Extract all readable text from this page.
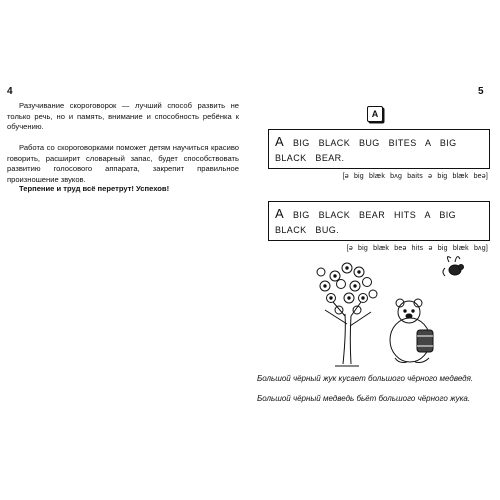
4

Разучивание скороговорок — лучший способ развить не только речь, но и память, внимание и способность ребёнка к обучению.

Работа со скороговорками поможет детям научиться красиво говорить, расширит словарный запас, будет способствовать развитию голосового аппарата, закрепит правильное произношение звуков.

Терпение и труд всё перетрут! Успехов!

5
A

A BIG BLACK BUG BITES A BIG BLACK BEAR.

[ə big blæk bʌg baits ə big blæk beə]

A BIG BLACK BEAR HITS A BIG BLACK BUG.

[ə big blæk beə hits ə big blæk bʌg]

Большой чёрный жук кусает большого чёрного медведя.

Большой чёрный медведь бьёт большого чёрного жука.
